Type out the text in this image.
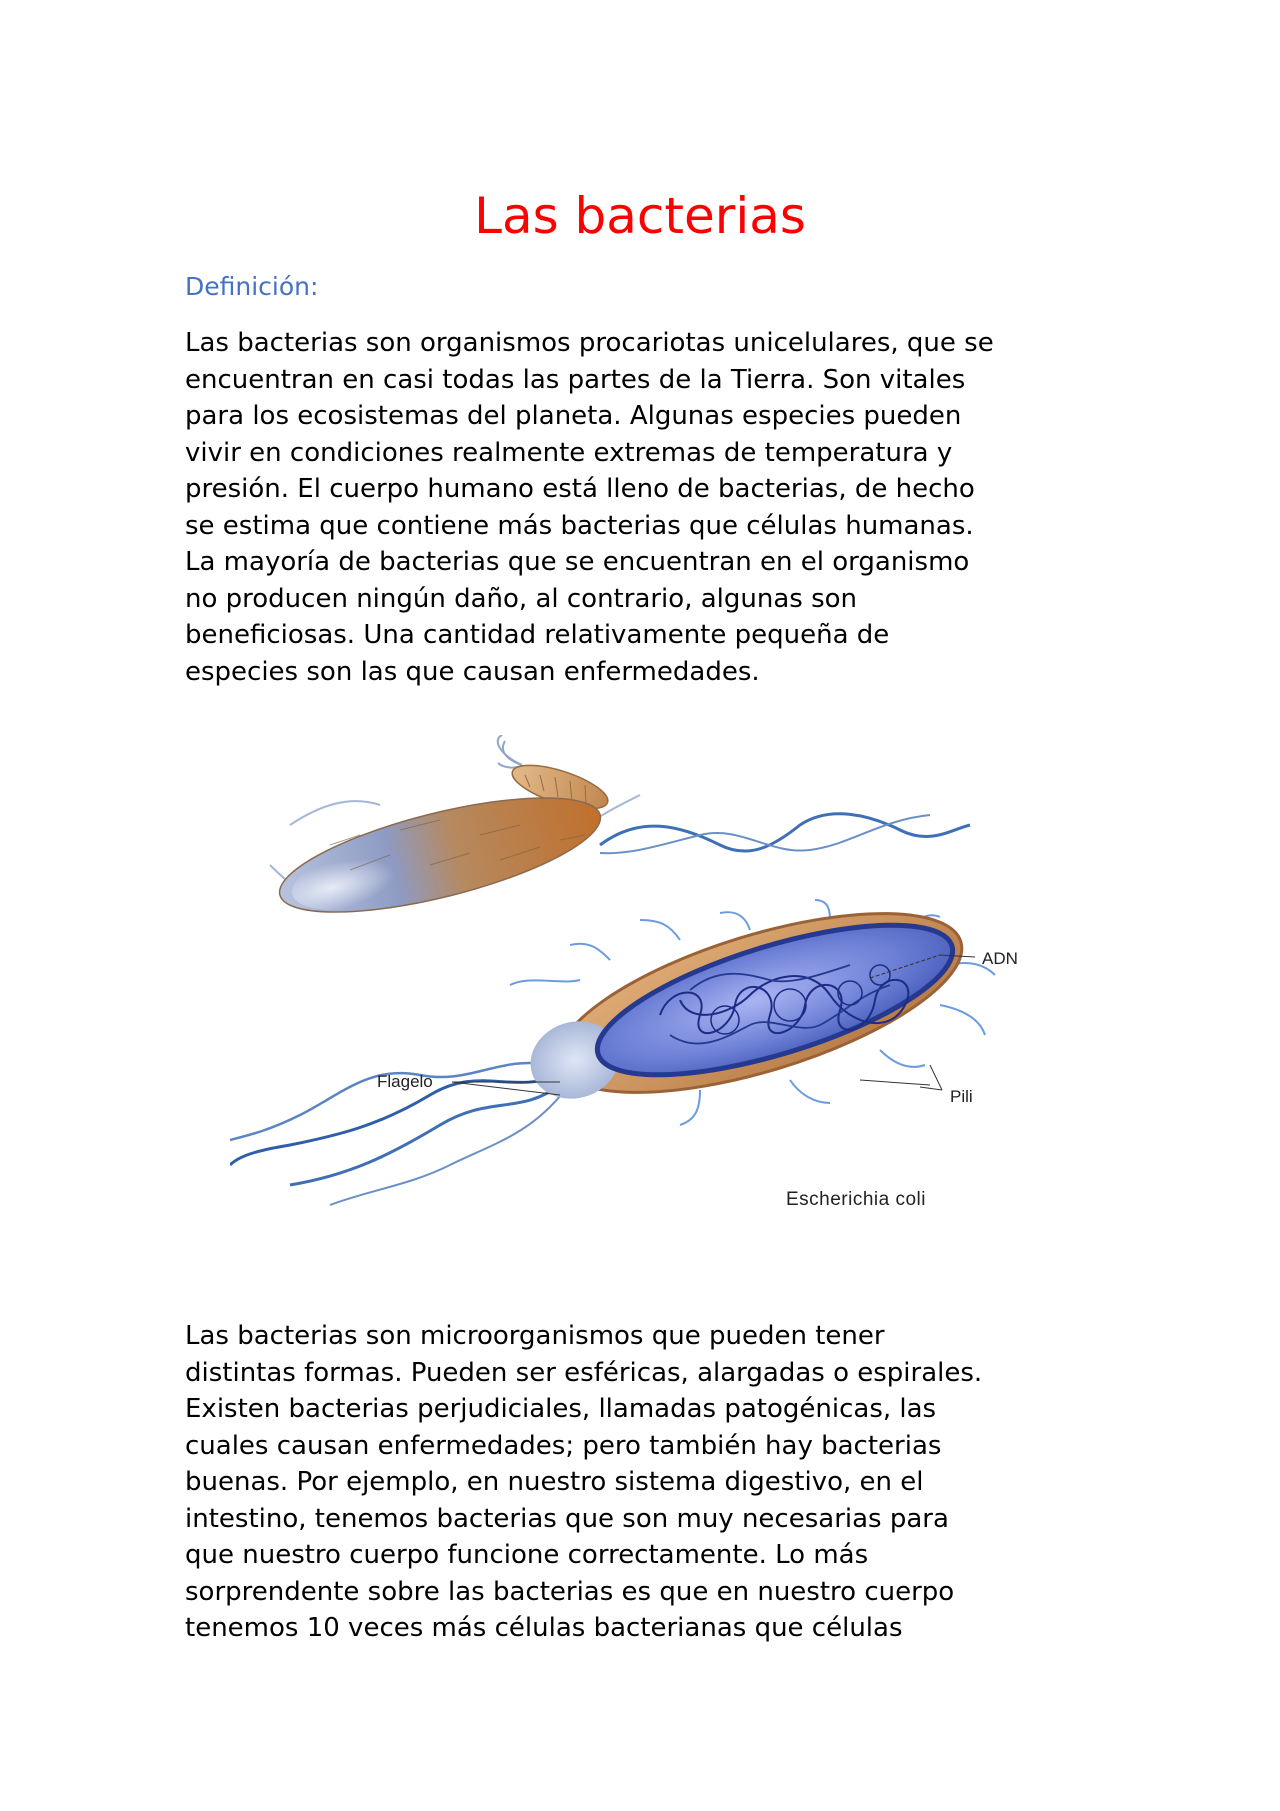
Las bacterias
Definición:

Las bacterias son organismos procariotas unicelulares, que se
encuentran en casi todas las partes de la Tierra. Son vitales
para los ecosistemas del planeta. Algunas especies pueden
vivir en condiciones realmente extremas de temperatura y
presión. El cuerpo humano está lleno de bacterias, de hecho
se estima que contiene más bacterias que células humanas.
La mayoría de bacterias que se encuentran en el organismo
no producen ningún daño, al contrario, algunas son
beneficiosas. Una cantidad relativamente pequeña de
especies son las que causan enfermedades.

ADN
Pili
Flagelo
Escherichia coli

Las bacterias son microorganismos que pueden tener
distintas formas. Pueden ser esféricas, alargadas o espirales.
Existen bacterias perjudiciales, llamadas patogénicas, las
cuales causan enfermedades; pero también hay bacterias
buenas. Por ejemplo, en nuestro sistema digestivo, en el
intestino, tenemos bacterias que son muy necesarias para
que nuestro cuerpo funcione correctamente. Lo más
sorprendente sobre las bacterias es que en nuestro cuerpo
tenemos 10 veces más células bacterianas que células
